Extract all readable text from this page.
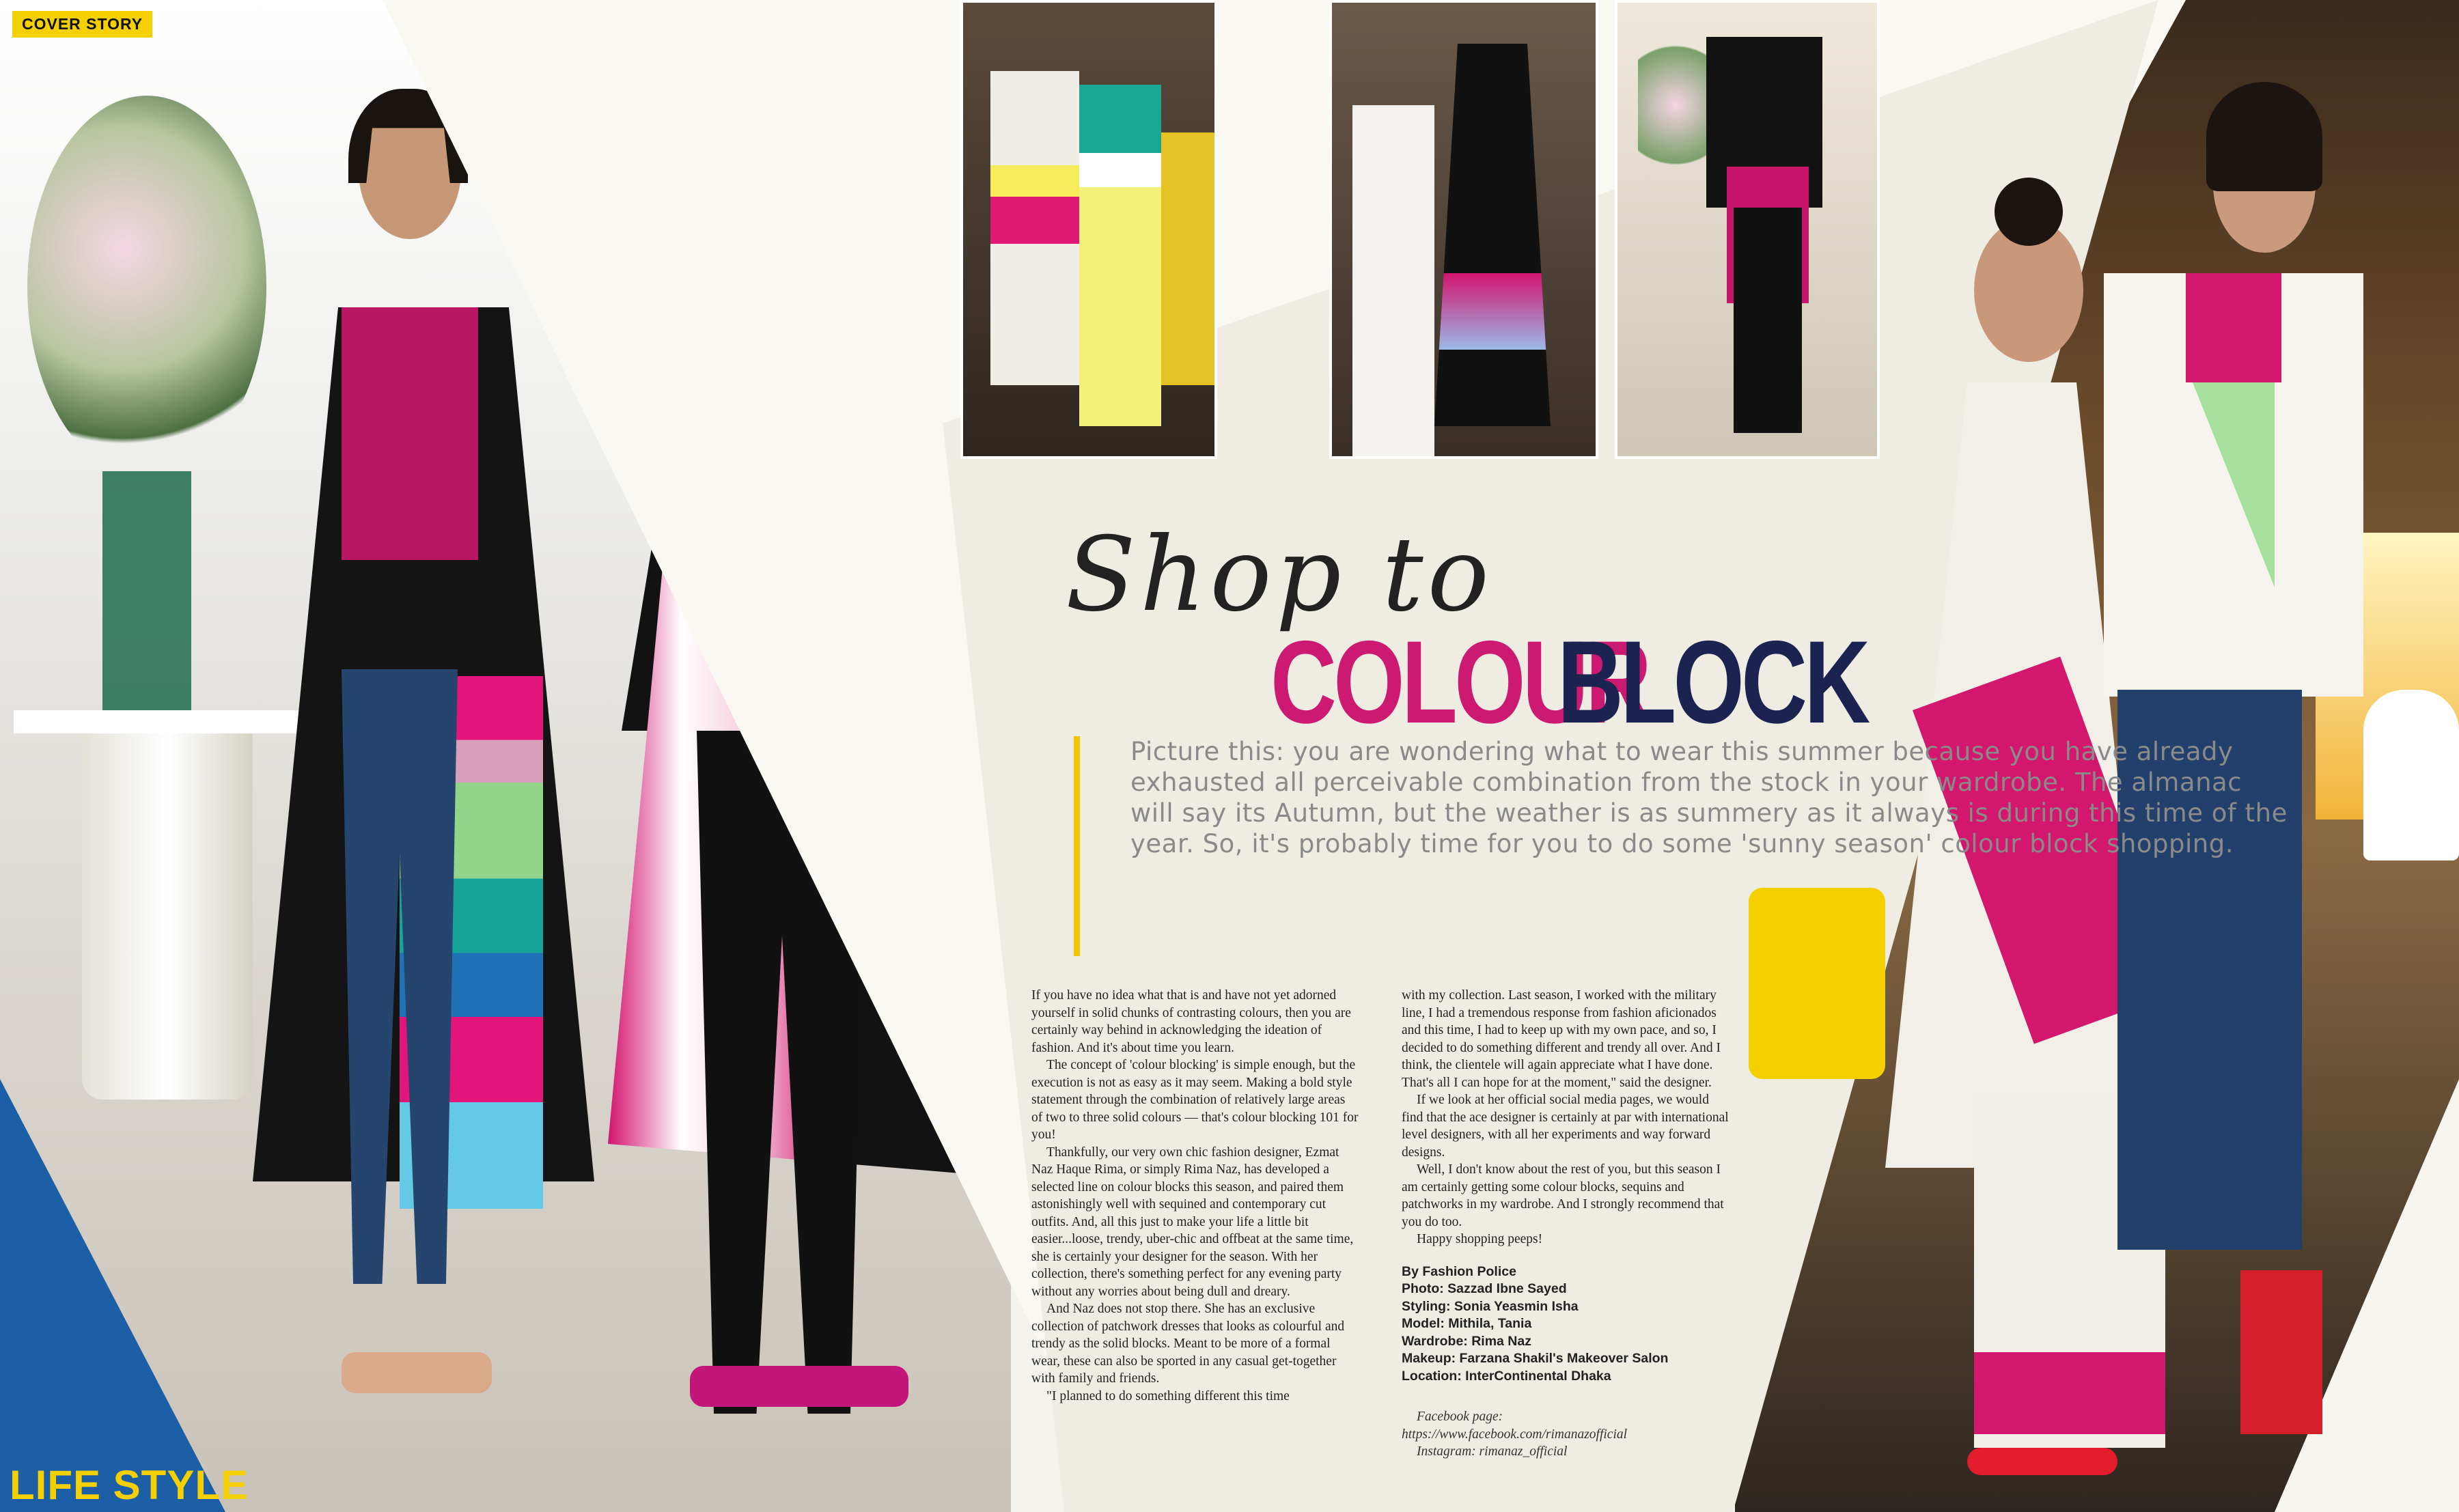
COVER STORY
Shop to
COLOUR
BLOCK
Picture this: you are wondering what to wear this summer because you have already exhausted all perceivable combination from the stock in your wardrobe. The almanac will say its Autumn, but the weather is as summery as it always is during this time of the year. So, it's probably time for you to do some 'sunny season' colour block shopping.

If you have no idea what that is and have not yet adorned yourself in solid chunks of contrasting colours, then you are certainly way behind in acknowledging the ideation of fashion. And it's about time you learn.

The concept of 'colour blocking' is simple enough, but the execution is not as easy as it may seem. Making a bold style statement through the combination of relatively large areas of two to three solid colours — that's colour blocking 101 for you!

Thankfully, our very own chic fashion designer, Ezmat Naz Haque Rima, or simply Rima Naz, has developed a selected line on colour blocks this season, and paired them astonishingly well with sequined and contemporary cut outfits. And, all this just to make your life a little bit easier...loose, trendy, uber-chic and offbeat at the same time, she is certainly your designer for the season. With her collection, there's something perfect for any evening party without any worries about being dull and dreary.

And Naz does not stop there. She has an exclusive collection of patchwork dresses that looks as colourful and trendy as the solid blocks. Meant to be more of a formal wear, these can also be sported in any casual get-together with family and friends.

"I planned to do something different this time

with my collection. Last season, I worked with the military line, I had a tremendous response from fashion aficionados and this time, I had to keep up with my own pace, and so, I decided to do something different and trendy all over. And I think, the clientele will again appreciate what I have done. That's all I can hope for at the moment," said the designer.

If we look at her official social media pages, we would find that the ace designer is certainly at par with international level designers, with all her experiments and way forward designs.

Well, I don't know about the rest of you, but this season I am certainly getting some colour blocks, sequins and patchworks in my wardrobe. And I strongly recommend that you do too.

Happy shopping peeps!

By Fashion Police
Photo: Sazzad Ibne Sayed
Styling: Sonia Yeasmin Isha
Model: Mithila, Tania
Wardrobe: Rima Naz
Makeup: Farzana Shakil's Makeover Salon
Location: InterContinental Dhaka

Facebook page: https://www.facebook.com/rimanazofficial

Instagram: rimanaz_official

LIFE STYLE
